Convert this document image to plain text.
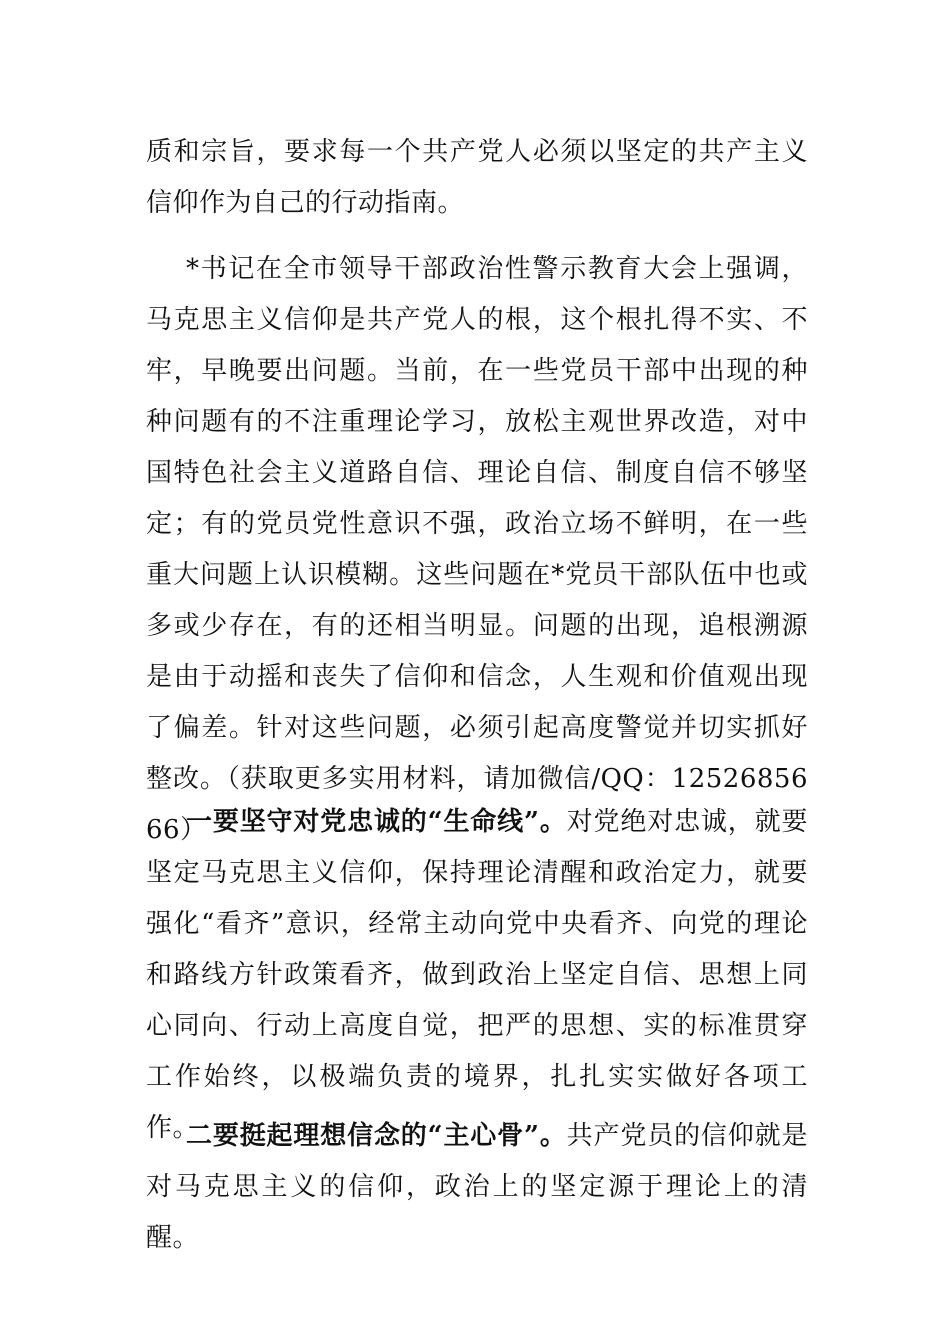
质和宗旨，要求每一个共产党人必须以坚定的共产主义信仰作为自己的行动指南。

*书记在全市领导干部政治性警示教育大会上强调，马克思主义信仰是共产党人的根，这个根扎得不实、不牢，早晚要出问题。当前，在一些党员干部中出现的种种问题有的不注重理论学习，放松主观世界改造，对中国特色社会主义道路自信、理论自信、制度自信不够坚定；有的党员党性意识不强，政治立场不鲜明，在一些重大问题上认识模糊。这些问题在*党员干部队伍中也或多或少存在，有的还相当明显。问题的出现，追根溯源是由于动摇和丧失了信仰和信念，人生观和价值观出现了偏差。针对这些问题，必须引起高度警觉并切实抓好整改。（获取更多实用材料，请加微信/QQ：1252685666）

一要坚守对党忠诚的“生命线”。对党绝对忠诚，就要坚定马克思主义信仰，保持理论清醒和政治定力，就要强化“看齐”意识，经常主动向党中央看齐、向党的理论和路线方针政策看齐，做到政治上坚定自信、思想上同心同向、行动上高度自觉，把严的思想、实的标准贯穿工作始终，以极端负责的境界，扎扎实实做好各项工作。

二要挺起理想信念的“主心骨”。共产党员的信仰就是对马克思主义的信仰，政治上的坚定源于理论上的清醒。
